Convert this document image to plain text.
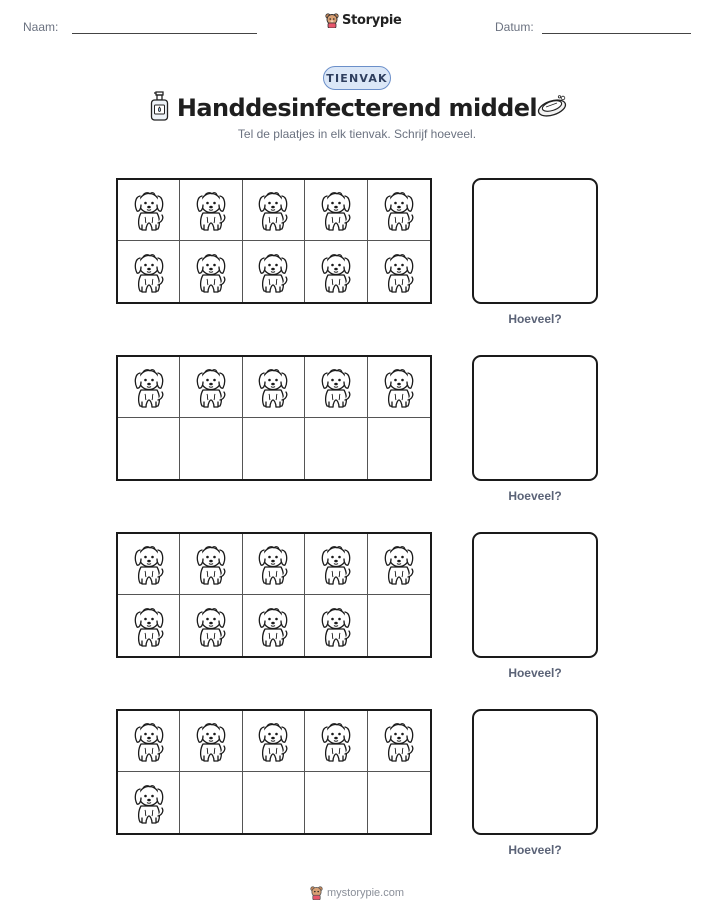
Naam:	Storypie	Datum:
TIENVAK
Handdesinfecterend middel
Tel de plaatjes in elk tienvak. Schrijf hoeveel.
Hoeveel?
Hoeveel?
Hoeveel?
Hoeveel?
mystorypie.com
